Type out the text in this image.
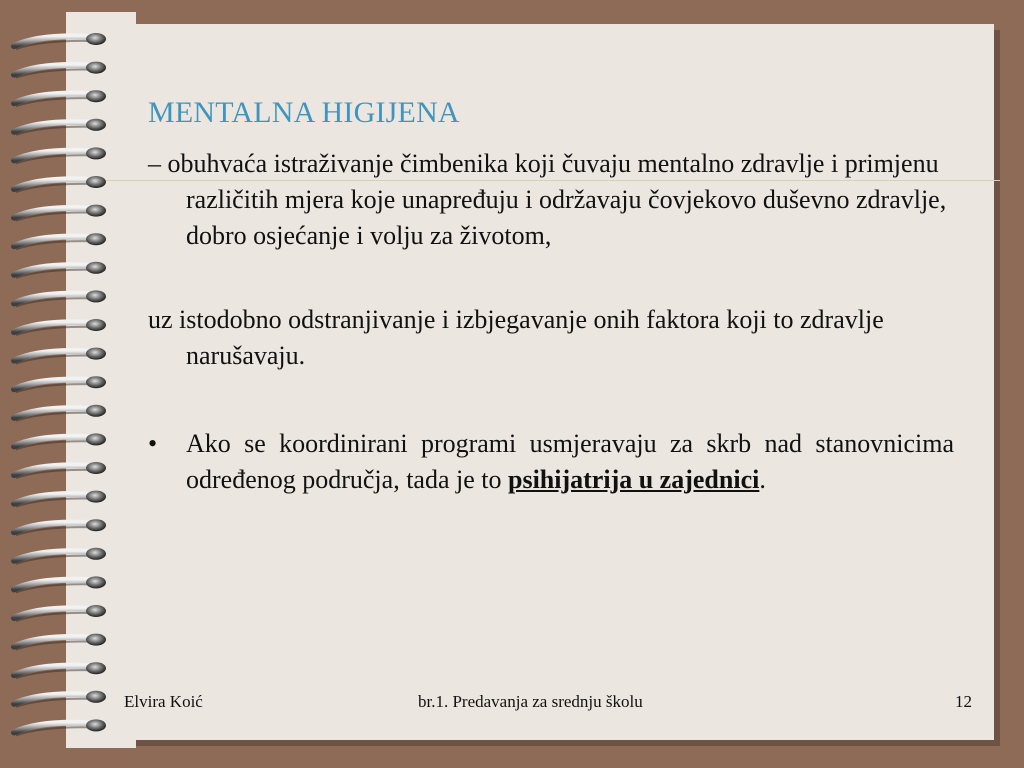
MENTALNA HIGIJENA

– obuhvaća istraživanje čimbenika koji čuvaju mentalno zdravlje i primjenu različitih mjera koje unapređuju i održavaju čovjekovo duševno zdravlje, dobro osjećanje i volju za životom,

uz istodobno odstranjivanje i izbjegavanje onih faktora koji to zdravlje narušavaju.

•	Ako se koordinirani programi usmjeravaju za skrb nad stanovnicima određenog područja, tada je to psihijatrija u zajednici.

Elvira Koić	br.1. Predavanja za srednju školu	12
